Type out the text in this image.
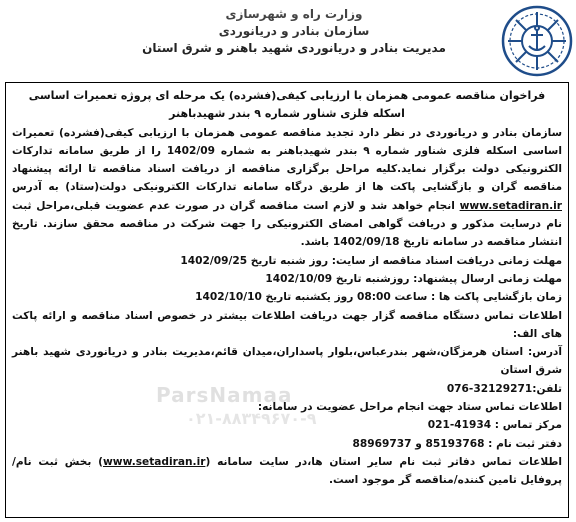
وزارت راه و شهرسازی
سازمان بنادر و دریانوردی
مدیریت بنادر و دریانوردی شهید باهنر و شرق استان
ParsNamaa
۰۲۱-۸۸۳۴۹۶۷۰-۹

فراخوان مناقصه عمومی همزمان با ارزیابی کیفی(فشرده) یک مرحله ای پروژه تعمیرات اساسی اسکله فلزی شناور شماره ۹ بندر شهیدباهنر

سازمان بنادر و دریانوردی در نظر دارد تجدید مناقصه عمومی همزمان با ارزیابی کیفی(فشرده) تعمیرات اساسی اسکله فلزی شناور شماره ۹ بندر شهیدباهنر به شماره 1402/09 را از طریق سامانه تدارکات الکترونیکی دولت برگزار نماید.کلیه مراحل برگزاری مناقصه از دریافت اسناد مناقصه تا ارائه پیشنهاد مناقصه گران و بازگشایی پاکت ها از طریق درگاه سامانه تدارکات الکترونیکی دولت(ستاد) به آدرس www.setadiran.ir انجام خواهد شد و لازم است مناقصه گران در صورت عدم عضویت قبلی،مراحل ثبت نام درسایت مذکور و دریافت گواهی امضای الکترونیکی را جهت شرکت در مناقصه محقق سازند. تاریخ انتشار مناقصه در سامانه تاریخ 1402/09/18 باشد.

مهلت زمانی دریافت اسناد مناقصه از سایت: روز شنبه تاریخ 1402/09/25

مهلت زمانی ارسال پیشنهاد: روزشنبه تاریخ 1402/10/09

زمان بازگشایی پاکت ها : ساعت 08:00 روز یکشنبه تاریخ 1402/10/10

اطلاعات تماس دستگاه مناقصه گزار جهت دریافت اطلاعات بیشتر در خصوص اسناد مناقصه و ارائه پاکت های الف:

آدرس: استان هرمزگان،شهر بندرعباس،بلوار پاسداران،میدان قائم،مدیریت بنادر و دریانوردی شهید باهنر شرق استان

تلفن:076-32129271

اطلاعات تماس ستاد جهت انجام مراحل عضویت در سامانه:

مرکز تماس : 41934-021

دفتر ثبت نام : 85193768 و 88969737

اطلاعات تماس دفاتر ثبت نام سایر استان ها،در سایت سامانه (www.setadiran.ir) بخش ثبت نام/پروفایل تامین کننده/مناقصه گر موجود است.
